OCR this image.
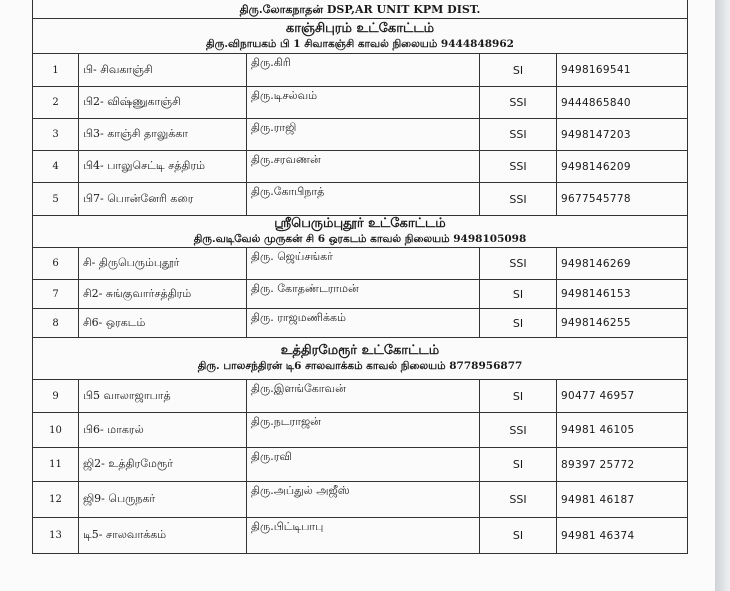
திரு.லோகநாதன் DSP,AR UNIT KPM DIST.				

காஞ்சிபுரம் உட்கோட்டம்
திரு.விநாயகம் பி 1 சிவாகஞ்சி காவல் நிலையம் 9444848962				

1	பி- சிவகாஞ்சி	திரு.கிரி	SI	9498169541
2	பி2- விஷ்ணுகாஞ்சி	திரு.டிசல்வம்	SSI	9444865840
3	பி3- காஞ்சி தாலுக்கா	திரு.ராஜி	SSI	9498147203
4	பி4- பாலுசெட்டி சத்திரம்	திரு.சரவணன்	SSI	9498146209
5	பி7- பொன்னேரி கரை	திரு.கோபிநாத்	SSI	9677545778

ஸ்ரீபெரும்புதூர் உட்கோட்டம்
திரு.வடிவேல் முருகன் சி 6 ஒரகடம் காவல் நிலையம் 9498105098				

6	சி- திருபெரும்புதூர்	திரு. ஜெய்சங்கர்	SSI	9498146269
7	சி2- சுங்குவார்சத்திரம்	திரு. கோதண்டராமன்	SI	9498146153
8	சி6- ஒரகடம்	திரு. ராஜமணிக்கம்	SI	9498146255

உத்திரமேரூர் உட்கோட்டம்
திரு. பாலசந்திரன் டி6 சாலவாக்கம் காவல் நிலையம் 8778956877				

9	பி5 வாலாஜாபாத்	திரு.இளங்கோவன்	SI	90477 46957
10	பி6- மாகரல்	திரு.நடராஜன்	SSI	94981 46105
11	ஜி2- உத்திரமேரூர்	திரு.ரவி	SI	89397 25772
12	ஜி9- பெருநகர்	திரு.அப்துல் அஜீஸ்	SSI	94981 46187
13	டி5- சாலவாக்கம்	திரு.பிட்டிபாபு	SI	94981 46374
